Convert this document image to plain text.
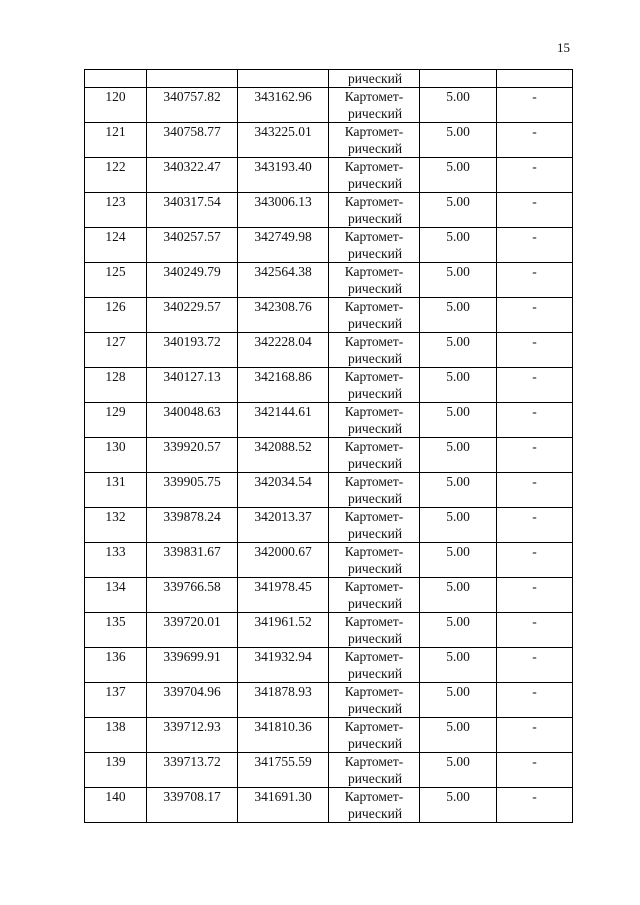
15

			рический		

120	340757.82	343162.96	Картомет-
рический	5.00	-

121	340758.77	343225.01	Картомет-
рический	5.00	-

122	340322.47	343193.40	Картомет-
рический	5.00	-

123	340317.54	343006.13	Картомет-
рический	5.00	-

124	340257.57	342749.98	Картомет-
рический	5.00	-

125	340249.79	342564.38	Картомет-
рический	5.00	-

126	340229.57	342308.76	Картомет-
рический	5.00	-

127	340193.72	342228.04	Картомет-
рический	5.00	-

128	340127.13	342168.86	Картомет-
рический	5.00	-

129	340048.63	342144.61	Картомет-
рический	5.00	-

130	339920.57	342088.52	Картомет-
рический	5.00	-

131	339905.75	342034.54	Картомет-
рический	5.00	-

132	339878.24	342013.37	Картомет-
рический	5.00	-

133	339831.67	342000.67	Картомет-
рический	5.00	-

134	339766.58	341978.45	Картомет-
рический	5.00	-

135	339720.01	341961.52	Картомет-
рический	5.00	-

136	339699.91	341932.94	Картомет-
рический	5.00	-

137	339704.96	341878.93	Картомет-
рический	5.00	-

138	339712.93	341810.36	Картомет-
рический	5.00	-

139	339713.72	341755.59	Картомет-
рический	5.00	-

140	339708.17	341691.30	Картомет-
рический	5.00	-
